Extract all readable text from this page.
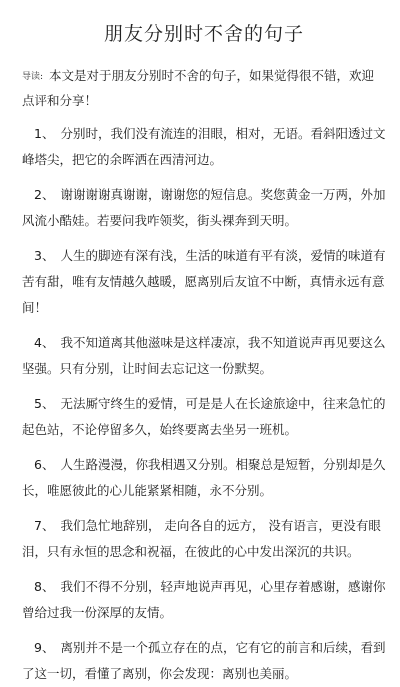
朋友分别时不舍的句子

导读: 本文是对于朋友分别时不舍的句子，如果觉得很不错，欢迎点评和分享！

1、 分别时，我们没有流连的泪眼，相对，无语。看斜阳透过文峰塔尖，把它的余晖洒在西清河边。

2、 谢谢谢谢真谢谢，谢谢您的短信息。奖您黄金一万两，外加风流小酷娃。若要问我咋领奖，街头裸奔到天明。

3、 人生的脚迹有深有浅，生活的味道有平有淡，爱情的味道有苦有甜，唯有友情越久越暖，愿离别后友谊不中断，真情永远有意间！

4、 我不知道离其他滋味是这样凄凉，我不知道说声再见要这么坚强。只有分别，让时间去忘记这一份默契。

5、 无法厮守终生的爱情，可是是人在长途旅途中，往来急忙的起色站，不论停留多久，始终要离去坐另一班机。

6、 人生路漫漫，你我相遇又分别。相聚总是短暂，分别却是久长，唯愿彼此的心儿能紧紧相随，永不分别。

7、 我们急忙地辞别， 走向各自的远方， 没有语言，更没有眼泪，只有永恒的思念和祝福，在彼此的心中发出深沉的共识。

8、 我们不得不分别，轻声地说声再见，心里存着感谢，感谢你曾给过我一份深厚的友情。

9、 离别并不是一个孤立存在的点，它有它的前言和后续，看到了这一切，看懂了离别，你会发现：离别也美丽。
